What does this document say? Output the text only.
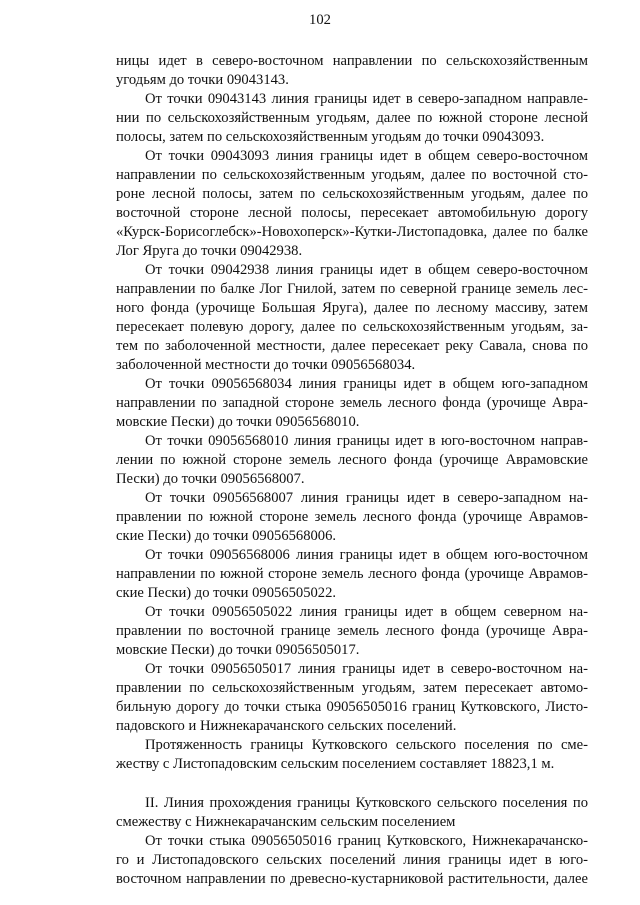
102
ницы идет в северо-восточном направлении по сельскохозяйственным
угодьям до точки 09043143.
От точки 09043143 линия границы идет в северо-западном направле-
нии по сельскохозяйственным угодьям, далее по южной стороне лесной
полосы, затем по сельскохозяйственным угодьям до точки 09043093.
От точки 09043093 линия границы идет в общем северо-восточном
направлении по сельскохозяйственным угодьям, далее по восточной сто-
роне лесной полосы, затем по сельскохозяйственным угодьям, далее по
восточной стороне лесной полосы, пересекает автомобильную дорогу
«Курск-Борисоглебск»-Новохоперск»-Кутки-Листопадовка, далее по балке
Лог Яруга до точки 09042938.
От точки 09042938 линия границы идет в общем северо-восточном
направлении по балке Лог Гнилой, затем по северной границе земель лес-
ного фонда (урочище Большая Яруга), далее по лесному массиву, затем
пересекает полевую дорогу, далее по сельскохозяйственным угодьям, за-
тем по заболоченной местности, далее пересекает реку Савала, снова по
заболоченной местности до точки 09056568034.
От точки 09056568034 линия границы идет в общем юго-западном
направлении по западной стороне земель лесного фонда (урочище Авра-
мовские Пески) до точки 09056568010.
От точки 09056568010 линия границы идет в юго-восточном направ-
лении по южной стороне земель лесного фонда (урочище Аврамовские
Пески) до точки 09056568007.
От точки 09056568007 линия границы идет в северо-западном на-
правлении по южной стороне земель лесного фонда (урочище Аврамов-
ские Пески) до точки 09056568006.
От точки 09056568006 линия границы идет в общем юго-восточном
направлении по южной стороне земель лесного фонда (урочище Аврамов-
ские Пески) до точки 09056505022.
От точки 09056505022 линия границы идет в общем северном на-
правлении по восточной границе земель лесного фонда (урочище Авра-
мовские Пески) до точки 09056505017.
От точки 09056505017 линия границы идет в северо-восточном на-
правлении по сельскохозяйственным угодьям, затем пересекает автомо-
бильную дорогу до точки стыка 09056505016 границ Кутковского, Листо-
падовского и Нижнекарачанского сельских поселений.
Протяженность границы Кутковского сельского поселения по сме-
жеству с Листопадовским сельским поселением составляет 18823,1 м.
II. Линия прохождения границы Кутковского сельского поселения по
смежеству с Нижнекарачанским сельским поселением
От точки стыка 09056505016 границ Кутковского, Нижнекарачанско-
го и Листопадовского сельских поселений линия границы идет в юго-
восточном направлении по древесно-кустарниковой растительности, далее
